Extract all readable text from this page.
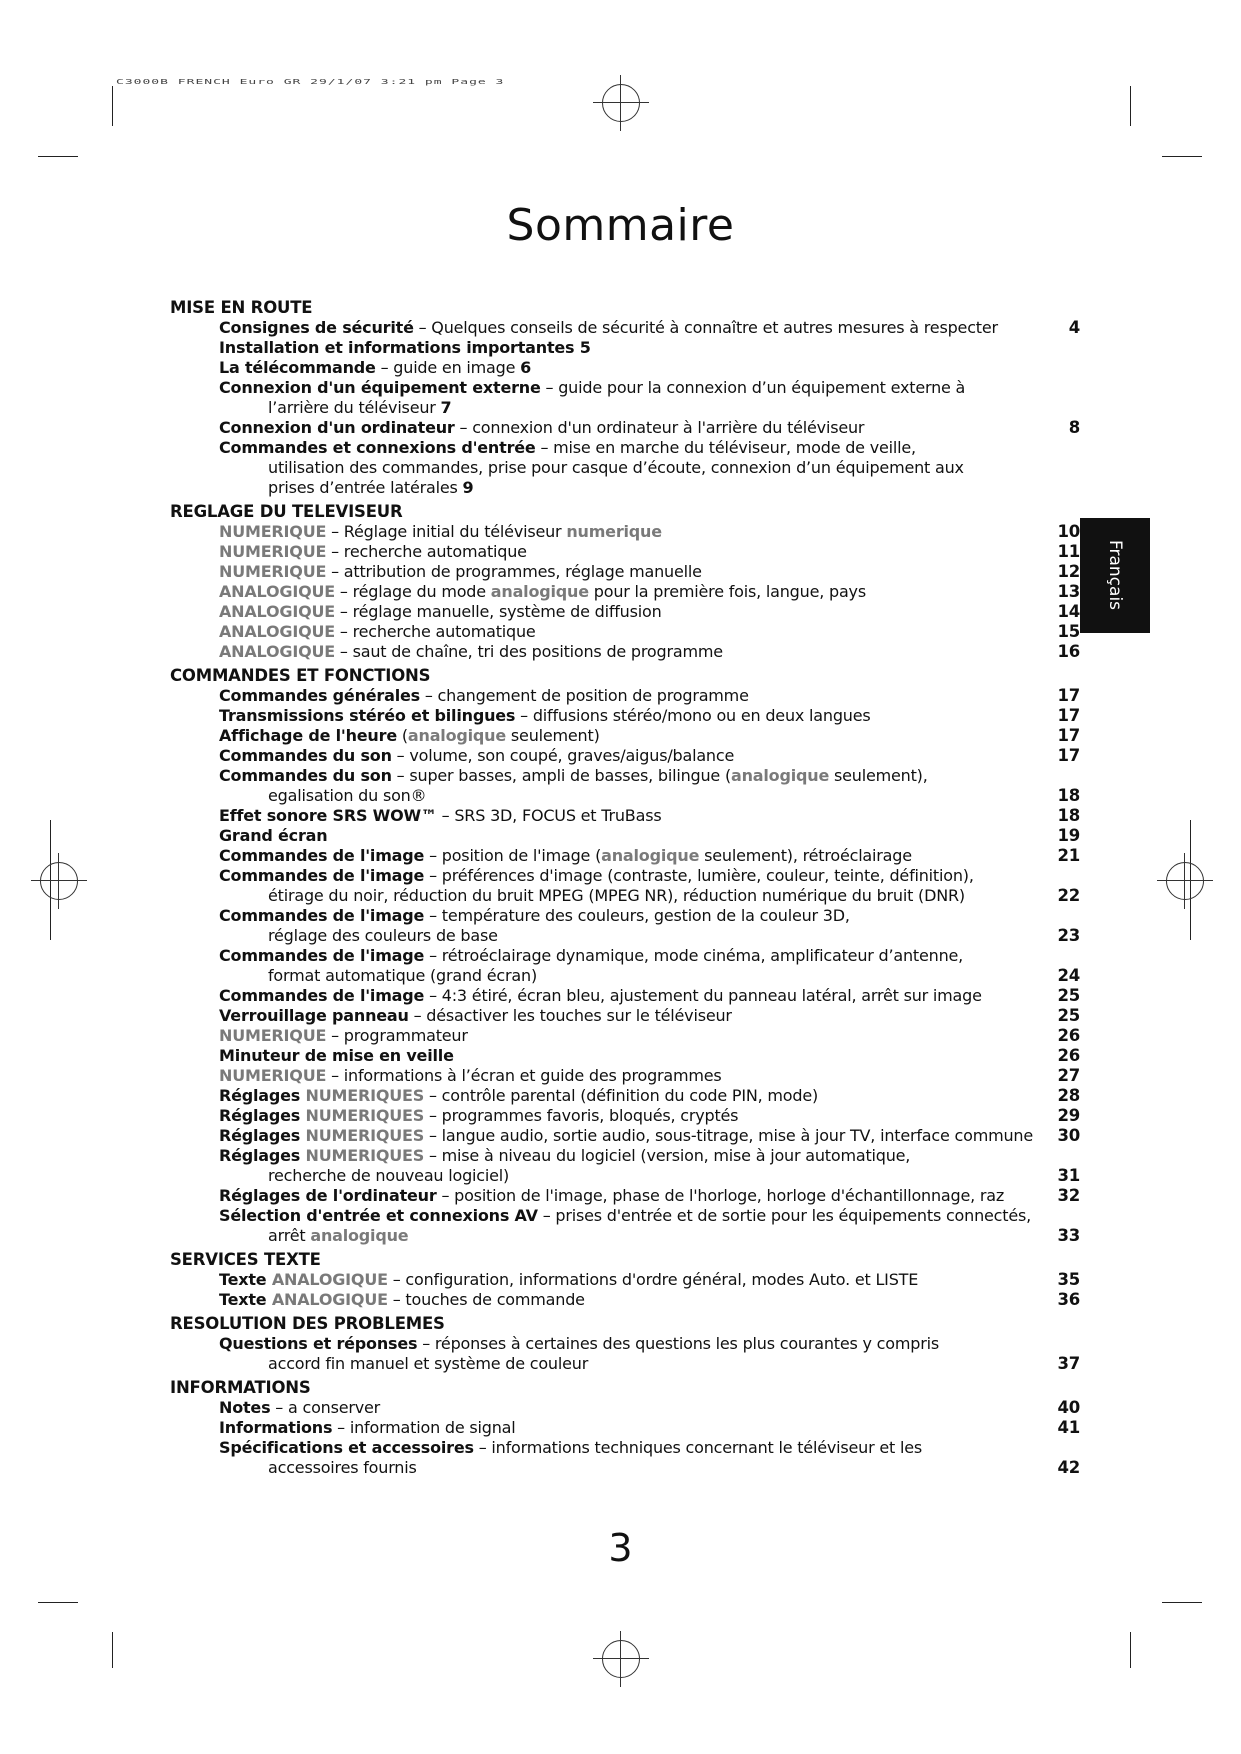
C3000B FRENCH Euro GR 29/1/07 3:21 pm Page 3
Sommaire
Français
MISE EN ROUTE
Consignes de sécurité – Quelques conseils de sécurité à connaître et autres mesures à respecter	4
Installation et informations importantes 5
La télécommande – guide en image 6
Connexion d'un équipement externe – guide pour la connexion d’un équipement externe à
l’arrière du téléviseur 7
Connexion d'un ordinateur – connexion d'un ordinateur à l'arrière du téléviseur	8
Commandes et connexions d'entrée – mise en marche du téléviseur, mode de veille,
utilisation des commandes, prise pour casque d’écoute, connexion d’un équipement aux
prises d’entrée latérales 9
REGLAGE DU TELEVISEUR
NUMERIQUE – Réglage initial du téléviseur numerique	10
NUMERIQUE – recherche automatique	11
NUMERIQUE – attribution de programmes, réglage manuelle	12
ANALOGIQUE – réglage du mode analogique pour la première fois, langue, pays	13
ANALOGIQUE – réglage manuelle, système de diffusion	14
ANALOGIQUE – recherche automatique	15
ANALOGIQUE – saut de chaîne, tri des positions de programme	16
COMMANDES ET FONCTIONS
Commandes générales – changement de position de programme	17
Transmissions stéréo et bilingues – diffusions stéréo/mono ou en deux langues	17
Affichage de l'heure (analogique seulement)	17
Commandes du son – volume, son coupé, graves/aigus/balance	17
Commandes du son – super basses, ampli de basses, bilingue (analogique seulement),
egalisation du son®	18
Effet sonore SRS WOW™ – SRS 3D, FOCUS et TruBass	18
Grand écran	19
Commandes de l'image – position de l'image (analogique seulement), rétroéclairage	21
Commandes de l'image – préférences d'image (contraste, lumière, couleur, teinte, définition),
étirage du noir, réduction du bruit MPEG (MPEG NR), réduction numérique du bruit (DNR)	22
Commandes de l'image – température des couleurs, gestion de la couleur 3D,
réglage des couleurs de base	23
Commandes de l'image – rétroéclairage dynamique, mode cinéma, amplificateur d’antenne,
format automatique (grand écran)	24
Commandes de l'image – 4:3 étiré, écran bleu, ajustement du panneau latéral, arrêt sur image	25
Verrouillage panneau – désactiver les touches sur le téléviseur	25
NUMERIQUE – programmateur	26
Minuteur de mise en veille	26
NUMERIQUE – informations à l’écran et guide des programmes	27
Réglages NUMERIQUES – contrôle parental (définition du code PIN, mode)	28
Réglages NUMERIQUES – programmes favoris, bloqués, cryptés	29
Réglages NUMERIQUES – langue audio, sortie audio, sous-titrage, mise à jour TV, interface commune 30
Réglages NUMERIQUES – mise à niveau du logiciel (version, mise à jour automatique,
recherche de nouveau logiciel)	31
Réglages de l'ordinateur – position de l'image, phase de l'horloge, horloge d'échantillonnage, raz	32
Sélection d'entrée et connexions AV – prises d'entrée et de sortie pour les équipements connectés,
arrêt analogique	33
SERVICES TEXTE
Texte ANALOGIQUE – configuration, informations d'ordre général, modes Auto. et LISTE	35
Texte ANALOGIQUE – touches de commande	36
RESOLUTION DES PROBLEMES
Questions et réponses – réponses à certaines des questions les plus courantes y compris
accord fin manuel et système de couleur	37
INFORMATIONS
Notes – a conserver	40
Informations – information de signal	41
Spécifications et accessoires – informations techniques concernant le téléviseur et les
accessoires fournis	42
3
